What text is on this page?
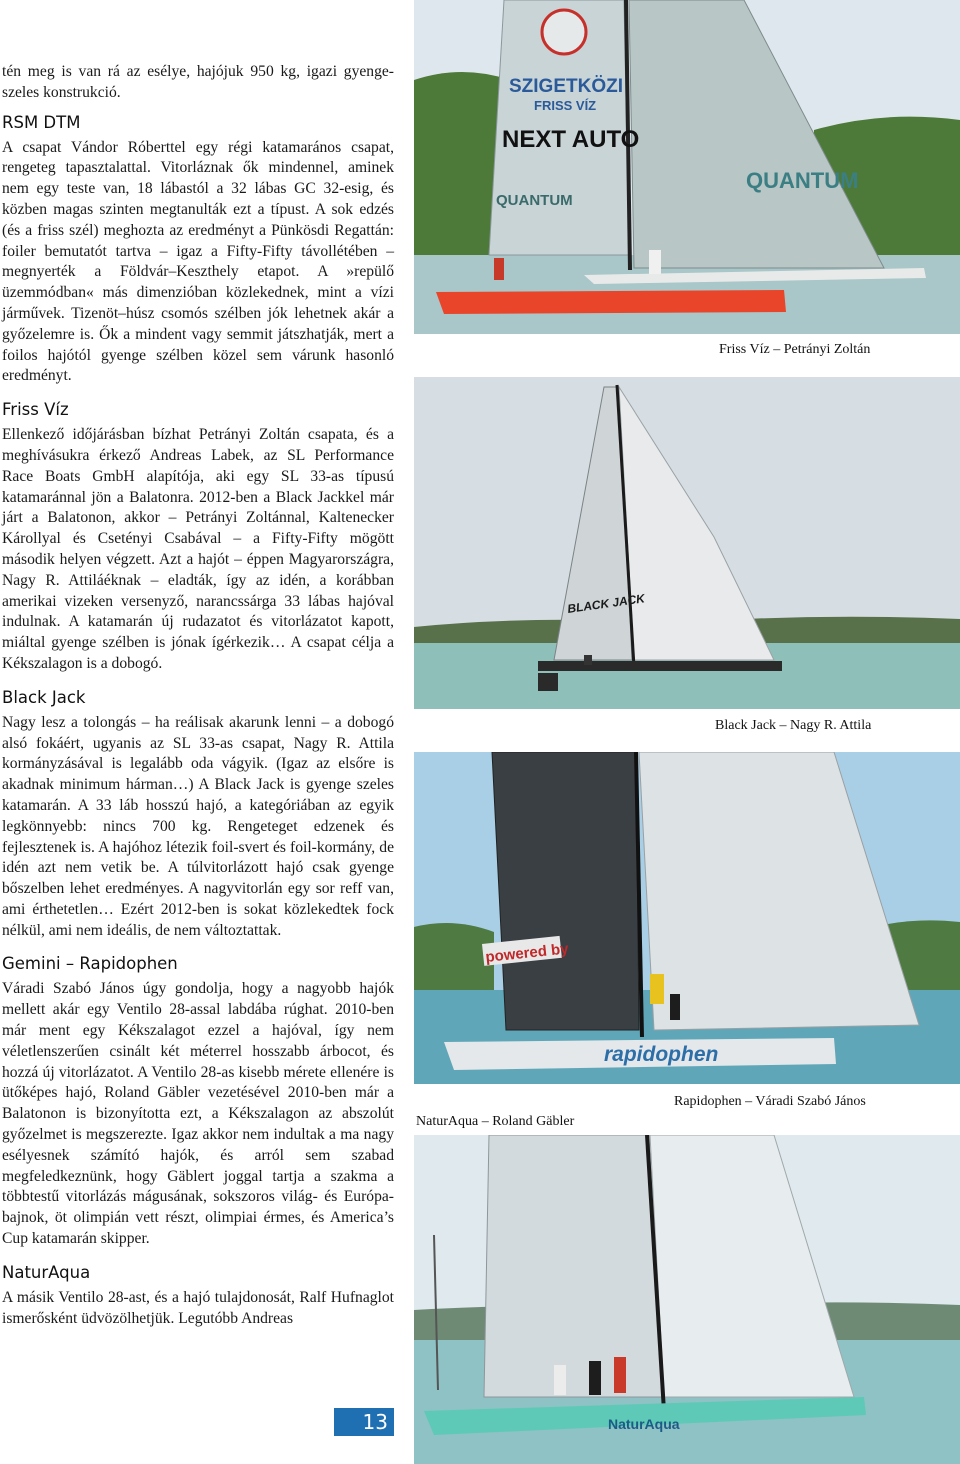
tén meg is van rá az esélye, hajójuk 950 kg, igazi gyenge-szeles konstrukció.

RSM DTM

A csapat Vándor Róberttel egy régi katamarános csapat, rengeteg tapasztalattal. Vitorláznak ők mindennel, aminek nem egy teste van, 18 lábastól a 32 lábas GC 32-esig, és közben magas szinten megtanulták ezt a típust. A sok edzés (és a friss szél) meghozta az eredményt a Pünkösdi Regattán: foiler bemutatót tartva – igaz a Fifty-Fifty távollétében – megnyerték a Földvár–Keszthely etapot. A »repülő üzemmódban« más dimenzióban közlekednek, mint a vízi járművek. Tizenöt–húsz csomós szélben jók lehetnek akár a győzelemre is. Ők a mindent vagy semmit játszhatják, mert a foilos hajótól gyenge szélben közel sem várunk hasonló eredményt.

Friss Víz

Ellenkező időjárásban bízhat Petrányi Zoltán csapata, és a meghívásukra érkező Andreas Labek, az SL Performance Race Boats GmbH alapítója, aki egy SL 33-as típusú katamaránnal jön a Balatonra. 2012-ben a Black Jackkel már járt a Balatonon, akkor – Petrányi Zoltánnal, Kaltenecker Károllyal és Csetényi Csabával – a Fifty-Fifty mögött második helyen végzett. Azt a hajót – éppen Magyarországra, Nagy R. Attiláéknak – eladták, így az idén, a korábban amerikai vizeken versenyző, narancssárga 33 lábas hajóval indulnak. A katamarán új rudazatot és vitorlázatot kapott, miáltal gyenge szélben is jónak ígérkezik… A csapat célja a Kékszalagon is a dobogó.

Black Jack

Nagy lesz a tolongás – ha reálisak akarunk lenni – a dobogó alsó fokáért, ugyanis az SL 33-as csapat, Nagy R. Attila kormányzásával is legalább oda vágyik. (Igaz az elsőre is akadnak minimum hárman…) A Black Jack is gyenge szeles katamarán. A 33 láb hosszú hajó, a kategóriában az egyik legkönnyebb: nincs 700 kg. Rengeteget edzenek és fejlesztenek is. A hajóhoz létezik foil-svert és foil-kormány, de idén azt nem vetik be. A túlvitorlázott hajó csak gyenge bőszelben lehet eredményes. A nagyvitorlán egy sor reff van, ami érthetetlen… Ezért 2012-ben is sokat közlekedtek fock nélkül, ami nem ideális, de nem változtattak.

Gemini – Rapidophen

Váradi Szabó János úgy gondolja, hogy a nagyobb hajók mellett akár egy Ventilo 28-assal labdába rúghat. 2010-ben már ment egy Kékszalagot ezzel a hajóval, így nem véletlenszerűen csinált két méterrel hosszabb árbocot, és hozzá új vitorlázatot. A Ventilo 28-as kisebb mérete ellenére is ütőképes hajó, Roland Gäbler vezetésével 2010-ben már a Balatonon is bizonyította ezt, a Kékszalagon az abszolút győzelmet is megszerezte. Igaz akkor nem indultak a ma nagy esélyesnek számító hajók, és arról sem szabad megfeledkeznünk, hogy Gäblert joggal tartja a szakma a többtestű vitorlázás mágusának, sokszoros világ- és Európa-bajnok, öt olimpián vett részt, olimpiai érmes, és America’s Cup katamarán skipper.

NaturAqua

A másik Ventilo 28-ast, és a hajó tulajdonosát, Ralf Hufnaglot ismerősként üdvözölhetjük. Legutóbb Andreas

SZIGETKÖZI
FRISS VÍZ
NEXT AUTO
QUANTUM
QUANTUM
Friss Víz – Petrányi Zoltán
BLACK JACK
Black Jack – Nagy R. Attila
powered by
rapidophen
Rapidophen – Váradi Szabó János
NaturAqua – Roland Gäbler
NaturAqua
13
